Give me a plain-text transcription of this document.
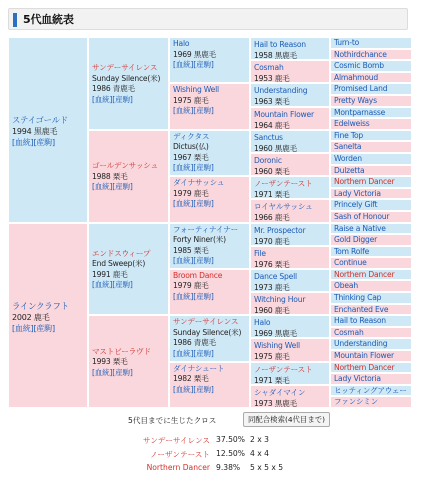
5代血統表
ステイゴールド
1994 黒鹿毛
[血統][産駒]
ラインクラフト
2002 鹿毛
[血統][産駒]
サンデーサイレンス
Sunday Silence(米)
1986 青鹿毛
[血統][産駒]
ゴールデンサッシュ
1988 栗毛
[血統][産駒]
エンドスウィープ
End Sweep(米)
1991 鹿毛
[血統][産駒]
マストビーラヴド
1993 栗毛
[血統][産駒]
Halo
1969 黒鹿毛
[血統][産駒]
Wishing Well
1975 鹿毛
[血統][産駒]
ディクタス
Dictus(仏)
1967 栗毛
[血統][産駒]
ダイナサッシュ
1979 鹿毛
[血統][産駒]
フォーティナイナー
Forty Niner(米)
1985 栗毛
[血統][産駒]
Broom Dance
1979 鹿毛
[血統][産駒]
サンデーサイレンス
Sunday Silence(米)
1986 青鹿毛
[血統][産駒]
ダイナシュート
1982 栗毛
[血統][産駒]
Hail to Reason
1958 黒鹿毛
Cosmah
1953 鹿毛
Understanding
1963 栗毛
Mountain Flower
1964 鹿毛
Sanctus
1960 黒鹿毛
Doronic
1960 栗毛
ノーザンテースト
1971 栗毛
ロイヤルサッシュ
1966 鹿毛
Mr. Prospector
1970 鹿毛
File
1976 栗毛
Dance Spell
1973 鹿毛
Witching Hour
1960 鹿毛
Halo
1969 黒鹿毛
Wishing Well
1975 鹿毛
ノーザンテースト
1971 栗毛
シャダイマイン
1973 黒鹿毛
Turn-to
Nothirdchance
Cosmic Bomb
Almahmoud
Promised Land
Pretty Ways
Montparnasse
Edelweiss
Fine Top
Sanelta
Worden
Dulzetta
Northern Dancer
Lady Victoria
Princely Gift
Sash of Honour
Raise a Native
Gold Digger
Tom Rolfe
Continue
Northern Dancer
Obeah
Thinking Cap
Enchanted Eve
Hail to Reason
Cosmah
Understanding
Mountain Flower
Northern Dancer
Lady Victoria
ヒッティングアウェー
ファンシミン
5代目までに生じたクロス	同配合検索(4代目まで)
サンデーサイレンス 37.50% 2 x 3
ノーザンテースト 12.50% 4 x 4
Northern Dancer 9.38% 5 x 5 x 5
